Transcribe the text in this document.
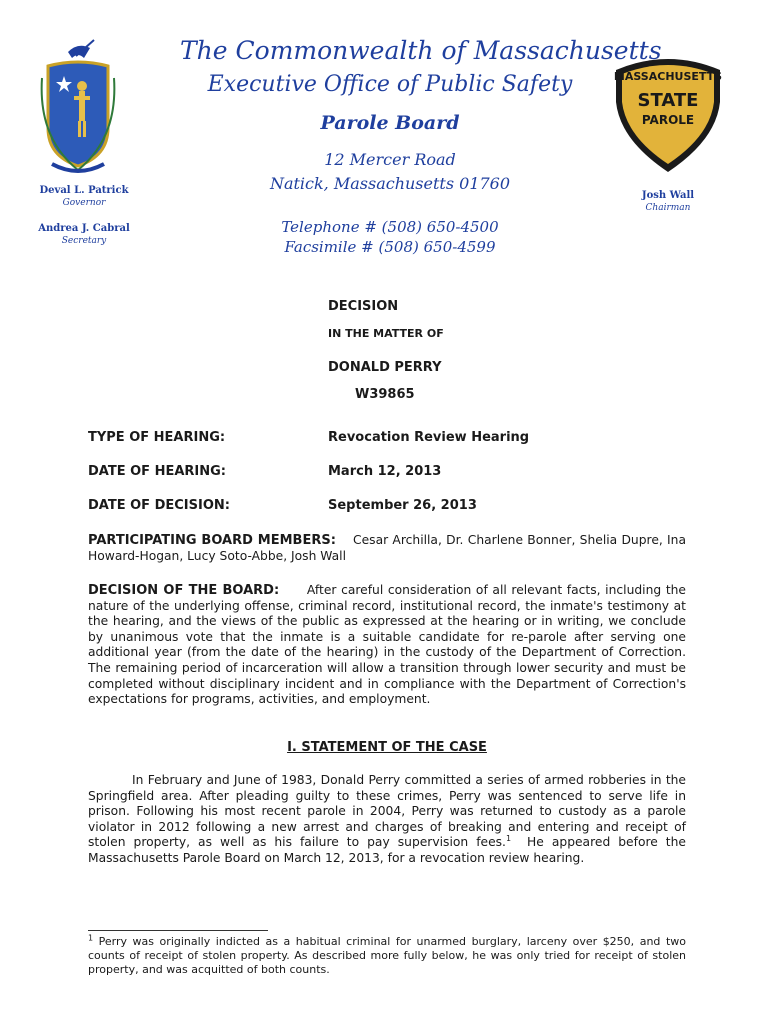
Deval L. Patrick
Governor
Andrea J. Cabral
Secretary
The Commonwealth of Massachusetts
Executive Office of Public Safety
Parole Board
12 Mercer Road
Natick, Massachusetts 01760
Telephone # (508) 650-4500
Facsimile # (508) 650-4599
MASSACHUSETTS
STATE
PAROLE
Josh Wall
Chairman
DECISION
IN THE MATTER OF
DONALD PERRY
W39865
TYPE OF HEARING:	Revocation Review Hearing
DATE OF HEARING:	March 12, 2013
DATE OF DECISION:	September 26, 2013
PARTICIPATING BOARD MEMBERS: Cesar Archilla, Dr. Charlene Bonner, Shelia Dupre, Ina Howard-Hogan, Lucy Soto-Abbe, Josh Wall
DECISION OF THE BOARD: After careful consideration of all relevant facts, including the nature of the underlying offense, criminal record, institutional record, the inmate's testimony at the hearing, and the views of the public as expressed at the hearing or in writing, we conclude by unanimous vote that the inmate is a suitable candidate for re-parole after serving one additional year (from the date of the hearing) in the custody of the Department of Correction. The remaining period of incarceration will allow a transition through lower security and must be completed without disciplinary incident and in compliance with the Department of Correction's expectations for programs, activities, and employment.
I. STATEMENT OF THE CASE
In February and June of 1983, Donald Perry committed a series of armed robberies in the Springfield area. After pleading guilty to these crimes, Perry was sentenced to serve life in prison. Following his most recent parole in 2004, Perry was returned to custody as a parole violator in 2012 following a new arrest and charges of breaking and entering and receipt of stolen property, as well as his failure to pay supervision fees.$^1$ He appeared before the Massachusetts Parole Board on March 12, 2013, for a revocation review hearing.
$^1$ Perry was originally indicted as a habitual criminal for unarmed burglary, larceny over $250, and two counts of receipt of stolen property. As described more fully below, he was only tried for receipt of stolen property, and was acquitted of both counts.
